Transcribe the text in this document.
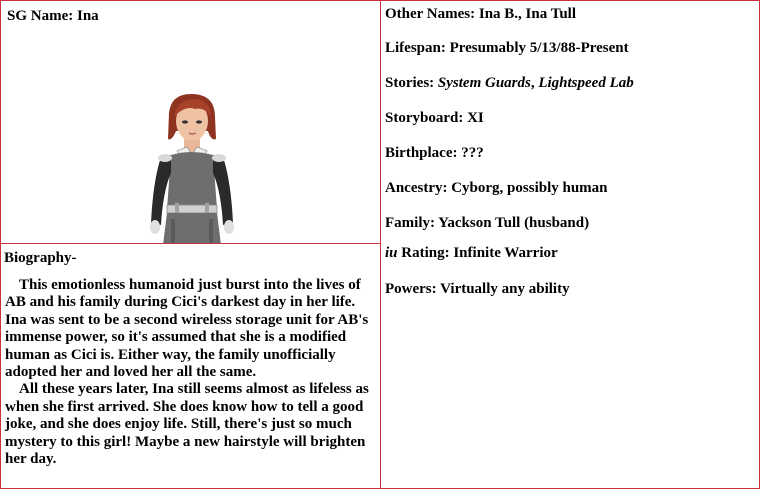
SG Name: Ina
Biography-

This emotionless humanoid just burst into the lives of AB and his family during Cici's darkest day in her life. Ina was sent to be a second wireless storage unit for AB's immense power, so it's assumed that she is a modified human as Cici is. Either way, the family unofficially adopted her and loved her all the same.

All these years later, Ina still seems almost as lifeless as when she first arrived. She does know how to tell a good joke, and she does enjoy life. Still, there's just so much mystery to this girl! Maybe a new hairstyle will brighten her day.

Other Names: Ina B., Ina Tull
Lifespan: Presumably 5/13/88-Present
Stories: System Guards, Lightspeed Lab
Storyboard: XI
Birthplace: ???
Ancestry: Cyborg, possibly human
Family: Yackson Tull (husband)
iu Rating: Infinite Warrior
Powers: Virtually any ability
